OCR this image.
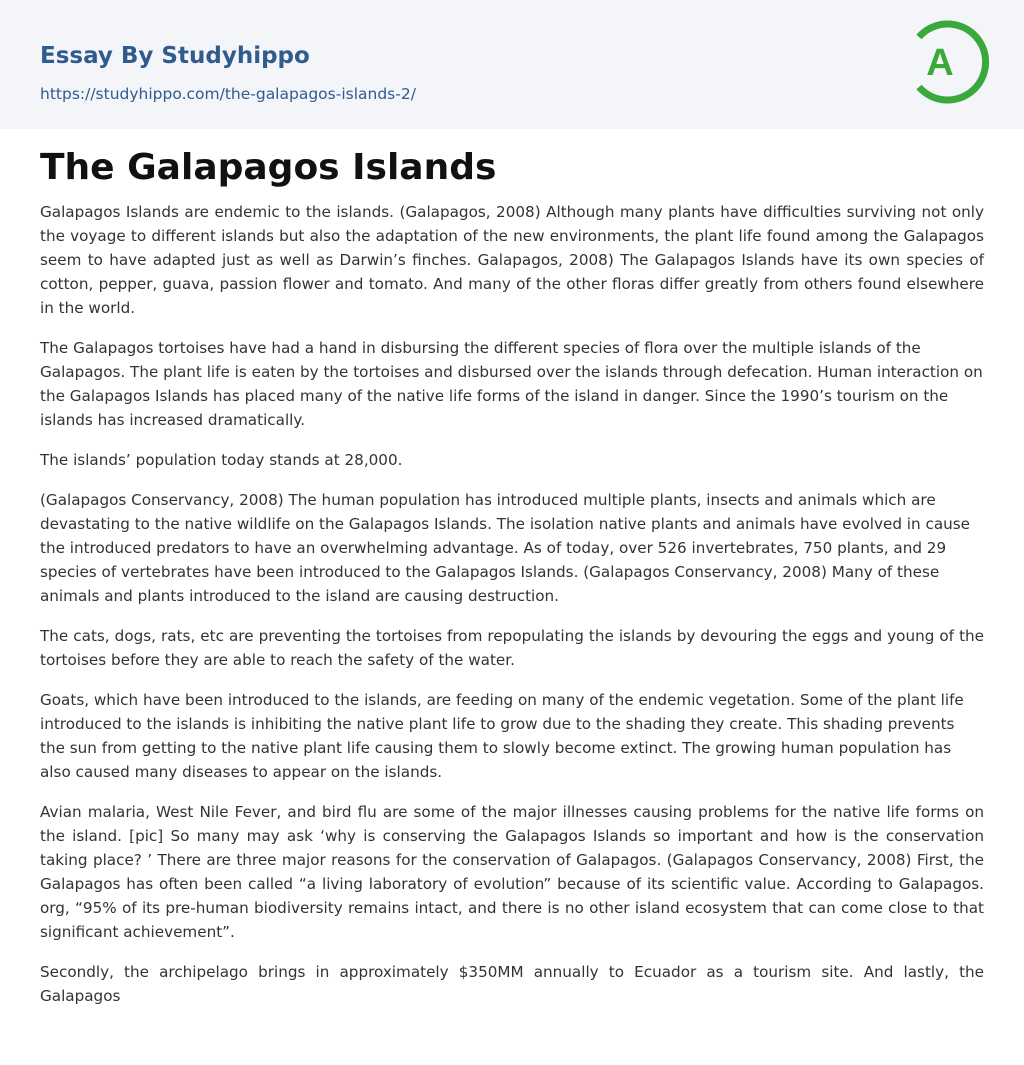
Essay By Studyhippo
https://studyhippo.com/the-galapagos-islands-2/
A
The Galapagos Islands

Galapagos Islands are endemic to the islands. (Galapagos, 2008) Although many plants have difficulties surviving not only the voyage to different islands but also the adaptation of the new environments, the plant life found among the Galapagos seem to have adapted just as well as Darwin’s finches. Galapagos, 2008) The Galapagos Islands have its own species of cotton, pepper, guava, passion flower and tomato. And many of the other floras differ greatly from others found elsewhere in the world.

The Galapagos tortoises have had a hand in disbursing the different species of flora over the multiple islands of the Galapagos. The plant life is eaten by the tortoises and disbursed over the islands through defecation. Human interaction on the Galapagos Islands has placed many of the native life forms of the island in danger. Since the 1990’s tourism on the islands has increased dramatically.

The islands’ population today stands at 28,000.

(Galapagos Conservancy, 2008) The human population has introduced multiple plants, insects and animals which are devastating to the native wildlife on the Galapagos Islands. The isolation native plants and animals have evolved in cause the introduced predators to have an overwhelming advantage. As of today, over 526 invertebrates, 750 plants, and 29 species of vertebrates have been introduced to the Galapagos Islands. (Galapagos Conservancy, 2008) Many of these animals and plants introduced to the island are causing destruction.

The cats, dogs, rats, etc are preventing the tortoises from repopulating the islands by devouring the eggs and young of the tortoises before they are able to reach the safety of the water.

Goats, which have been introduced to the islands, are feeding on many of the endemic vegetation. Some of the plant life introduced to the islands is inhibiting the native plant life to grow due to the shading they create. This shading prevents the sun from getting to the native plant life causing them to slowly become extinct. The growing human population has also caused many diseases to appear on the islands.

Avian malaria, West Nile Fever, and bird flu are some of the major illnesses causing problems for the native life forms on the island. [pic] So many may ask ‘why is conserving the Galapagos Islands so important and how is the conservation taking place? ’ There are three major reasons for the conservation of Galapagos. (Galapagos Conservancy, 2008) First, the Galapagos has often been called “a living laboratory of evolution” because of its scientific value. According to Galapagos. org, “95% of its pre-human biodiversity remains intact, and there is no other island ecosystem that can come close to that significant achievement”.

Secondly, the archipelago brings in approximately $350MM annually to Ecuador as a tourism site. And lastly, the Galapagos
